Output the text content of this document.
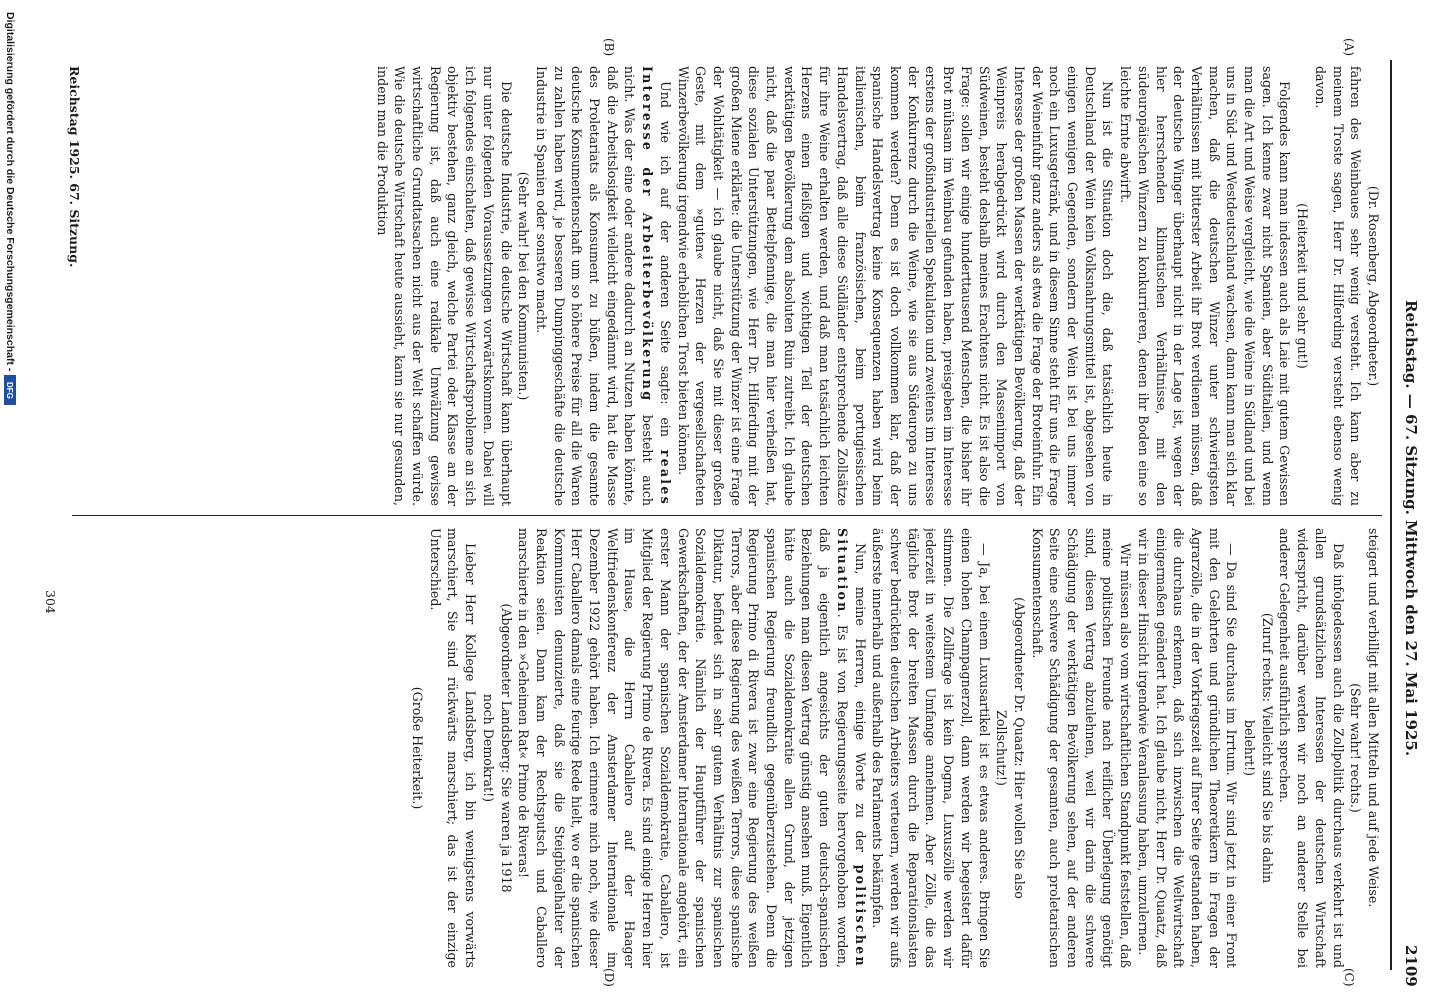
Reichstag. — 67. Sitzung. Mittwoch den 27. Mai 1925.
2109
(A)
(B)
(C)
(D)

(Dr. Rosenberg, Abgeordneter.)

fahren des Weinbaues sehr wenig versteht. Ich kann aber zu meinem Troste sagen, Herr Dr. Hilferding versteht ebenso wenig davon.

(Heiterkeit und sehr gut!)

Folgendes kann man indessen auch als Laie mit gutem Gewissen sagen. Ich kenne zwar nicht Spanien, aber Süditalien, und wenn man die Art und Weise vergleicht, wie die Weine in Südland und bei uns in Süd- und Westdeutschland wachsen, dann kann man sich klar machen, daß die deutschen Winzer unter schwierigsten Verhältnissen mit bitterster Arbeit ihr Brot verdienen müssen, daß der deutsche Winger überhaupt nicht in der Lage ist, wegen der hier herrschenden klimatischen Verhältnisse, mit den südeuropäischen Winzern zu konkurrieren, denen ihr Boden eine so leichte Ernte abwirft.

Nun ist die Situation doch die, daß tatsächlich heute in Deutschland der Wein kein Volksnahrungsmittel ist, abgesehen von einigen wenigen Gegenden, sondern der Wein ist bei uns immer noch ein Luxusgetränk, und in diesem Sinne steht für uns die Frage der Weineinfuhr ganz anders als etwa die Frage der Broteinfuhr. Ein Interesse der großen Massen der werktätigen Bevölkerung, daß der Weinpreis herabgedrückt wird durch den Massenimport von Südweinen, besteht deshalb meines Erachtens nicht. Es ist also die Frage: sollen wir einige hunderttausend Menschen, die bisher ihr Brot mühsam im Weinbau gefunden haben, preisgeben im Interesse erstens der großindustriellen Spekulation und zweitens im Interesse der Konkurrenz durch die Weine, wie sie aus Südeuropa zu uns kommen werden? Denn es ist doch vollkommen klar, daß der spanische Handelsvertrag keine Konsequenzen haben wird beim italienischen, beim französischen, beim portugiesischen Handelsvertrag, daß alle diese Südländer entsprechende Zollsätze für ihre Weine erhalten werden, und daß man tatsächlich leichten Herzens einen fleißigen und wichtigen Teil der deutschen werktätigen Bevölkerung dem absoluten Ruin zutreibt. Ich glaube nicht, daß die paar Bettelpfennige, die man hier verheißen hat, diese sozialen Unterstützungen, wie Herr Dr. Hilferding mit der großen Miene erklärte: die Unterstützung der Winzer ist eine Frage der Wohltätigkeit — ich glaube nicht, daß Sie mit dieser großen Geste, mit dem »guten« Herzen der vergesellschafteten Winzerbevölkerung irgendwie erheblichen Trost bieten können.

Und wie ich auf der anderen Seite sagte: ein reales Interesse der Arbeiterbevölkerung besteht auch nicht. Was der eine oder andere dadurch an Nutzen haben könnte, daß die Arbeitslosigkeit vielleicht eingedämmt wird, hat die Masse des Proletariats als Konsument zu büßen, indem die gesamte deutsche Konsumentenschaft um so höhere Preise für all die Waren zu zahlen haben wird, je besseren Dumpinggeschäfte die deutsche Industrie in Spanien oder sonstwo macht.

(Sehr wahr! bei den Kommunisten.)

Die deutsche Industrie, die deutsche Wirtschaft kann überhaupt nur unter folgenden Voraussetzungen vorwärtskommen. Dabei will ich folgendes einschalten, daß gewisse Wirtschaftsprobleme an sich objektiv bestehen, ganz gleich, welche Partei oder Klasse an der Regierung ist, daß auch eine radikale Umwälzung gewisse wirtschaftliche Grundtatsachen nicht aus der Welt schaffen würde. Wie die deutsche Wirtschaft heute aussieht, kann sie nur gesunden, indem man die Produktion

steigert und verbilligt mit allen Mitteln und auf jede Weise.

(Sehr wahr! rechts.)

Daß infolgedessen auch die Zollpolitik durchaus verkehrt ist und allen grundsätzlichen Interessen der deutschen Wirtschaft widerspricht, darüber werden wir noch an anderer Stelle bei anderer Gelegenheit ausführlich sprechen.

(Zuruf rechts: Vielleicht sind Sie bis dahin

belehrt!)

— Da sind Sie durchaus im Irrtum. Wir sind jetzt in einer Front mit den Gelehrten und gründlichen Theoretikern in Fragen der Agrarzölle, die in der Vorkriegszeit auf Ihrer Seite gestanden haben, die durchaus erkennen, daß sich inzwischen die Weltwirtschaft einigermaßen geändert hat. Ich glaube nicht, Herr Dr. Quaatz, daß wir in dieser Hinsicht irgendwie Veranlassung haben, umzulernen.

Wir müssen also vom wirtschaftlichen Standpunkt feststellen, daß meine politischen Freunde nach reiflicher Überlegung genötigt sind, diesen Vertrag abzulehnen, weil wir darin die schwere Schädigung der werktätigen Bevölkerung sehen, auf der anderen Seite eine schwere Schädigung der gesamten, auch proletarischen Konsumentenschaft.

(Abgeordneter Dr. Quaatz: Hier wollen Sie also

Zollschutz!)

— Ja, bei einem Luxusartikel ist es etwas anderes. Bringen Sie einen hohen Champagnerzoll, dann werden wir begeistert dafür stimmen. Die Zollfrage ist kein Dogma, Luxuszölle werden wir jederzeit in weitestem Umfange annehmen. Aber Zölle, die das tägliche Brot der breiten Massen durch die Reparationslasten schwer bedrückten deutschen Arbeiters verteuern, werden wir aufs äußerste innerhalb und außerhalb des Parlaments bekämpfen.

Nun, meine Herren, einige Worte zu der politischen Situation. Es ist von Regierungsseite hervorgehoben worden, daß ja eigentlich angesichts der guten deutsch-spanischen Beziehungen man diesen Vertrag günstig ansehen muß. Eigentlich hätte auch die Sozialdemokratie allen Grund, der jetzigen spanischen Regierung freundlich gegenüberzustehen. Denn die Regierung Primo di Rivera ist zwar eine Regierung des weißen Terrors, aber diese Regierung des weißen Terrors, diese spanische Diktatur, befindet sich in sehr gutem Verhältnis zur spanischen Sozialdemokratie. Nämlich der Hauptführer der spanischen Gewerkschaften, der der Amsterdamer Internationale angehört, ein erster Mann der spanischen Sozialdemokratie, Caballero, ist Mitglied der Regierung Primo de Rivera. Es sind einige Herren hier im Hause, die Herrn Caballero auf der Haager Weltfriedenskonferenz der Amsterdamer Internationale im Dezember 1922 gehört haben. Ich erinnere mich noch, wie dieser Herr Caballero damals eine feurige Rede hielt, wo er die spanischen Kommunisten denunzierte, daß sie die Steigbügelhalter der Reaktion seien. Dann kam der Rechtsputsch und Caballero marschierte in den »Geheimen Rat« Primo de Riveras!

(Abgeordneter Landsberg: Sie waren ja 1918

noch Demokrat!)

Lieber Herr Kollege Landsberg, ich bin wenigstens vorwärts marschiert, Sie sind rückwärts marschiert; das ist der einzige Unterschied.

(Große Heiterkeit.)

Reichstag 1925. 67. Sitzung.
304
Digitalisierung gefördert durch die Deutsche Forschungsgemeinschaft -
DFG
